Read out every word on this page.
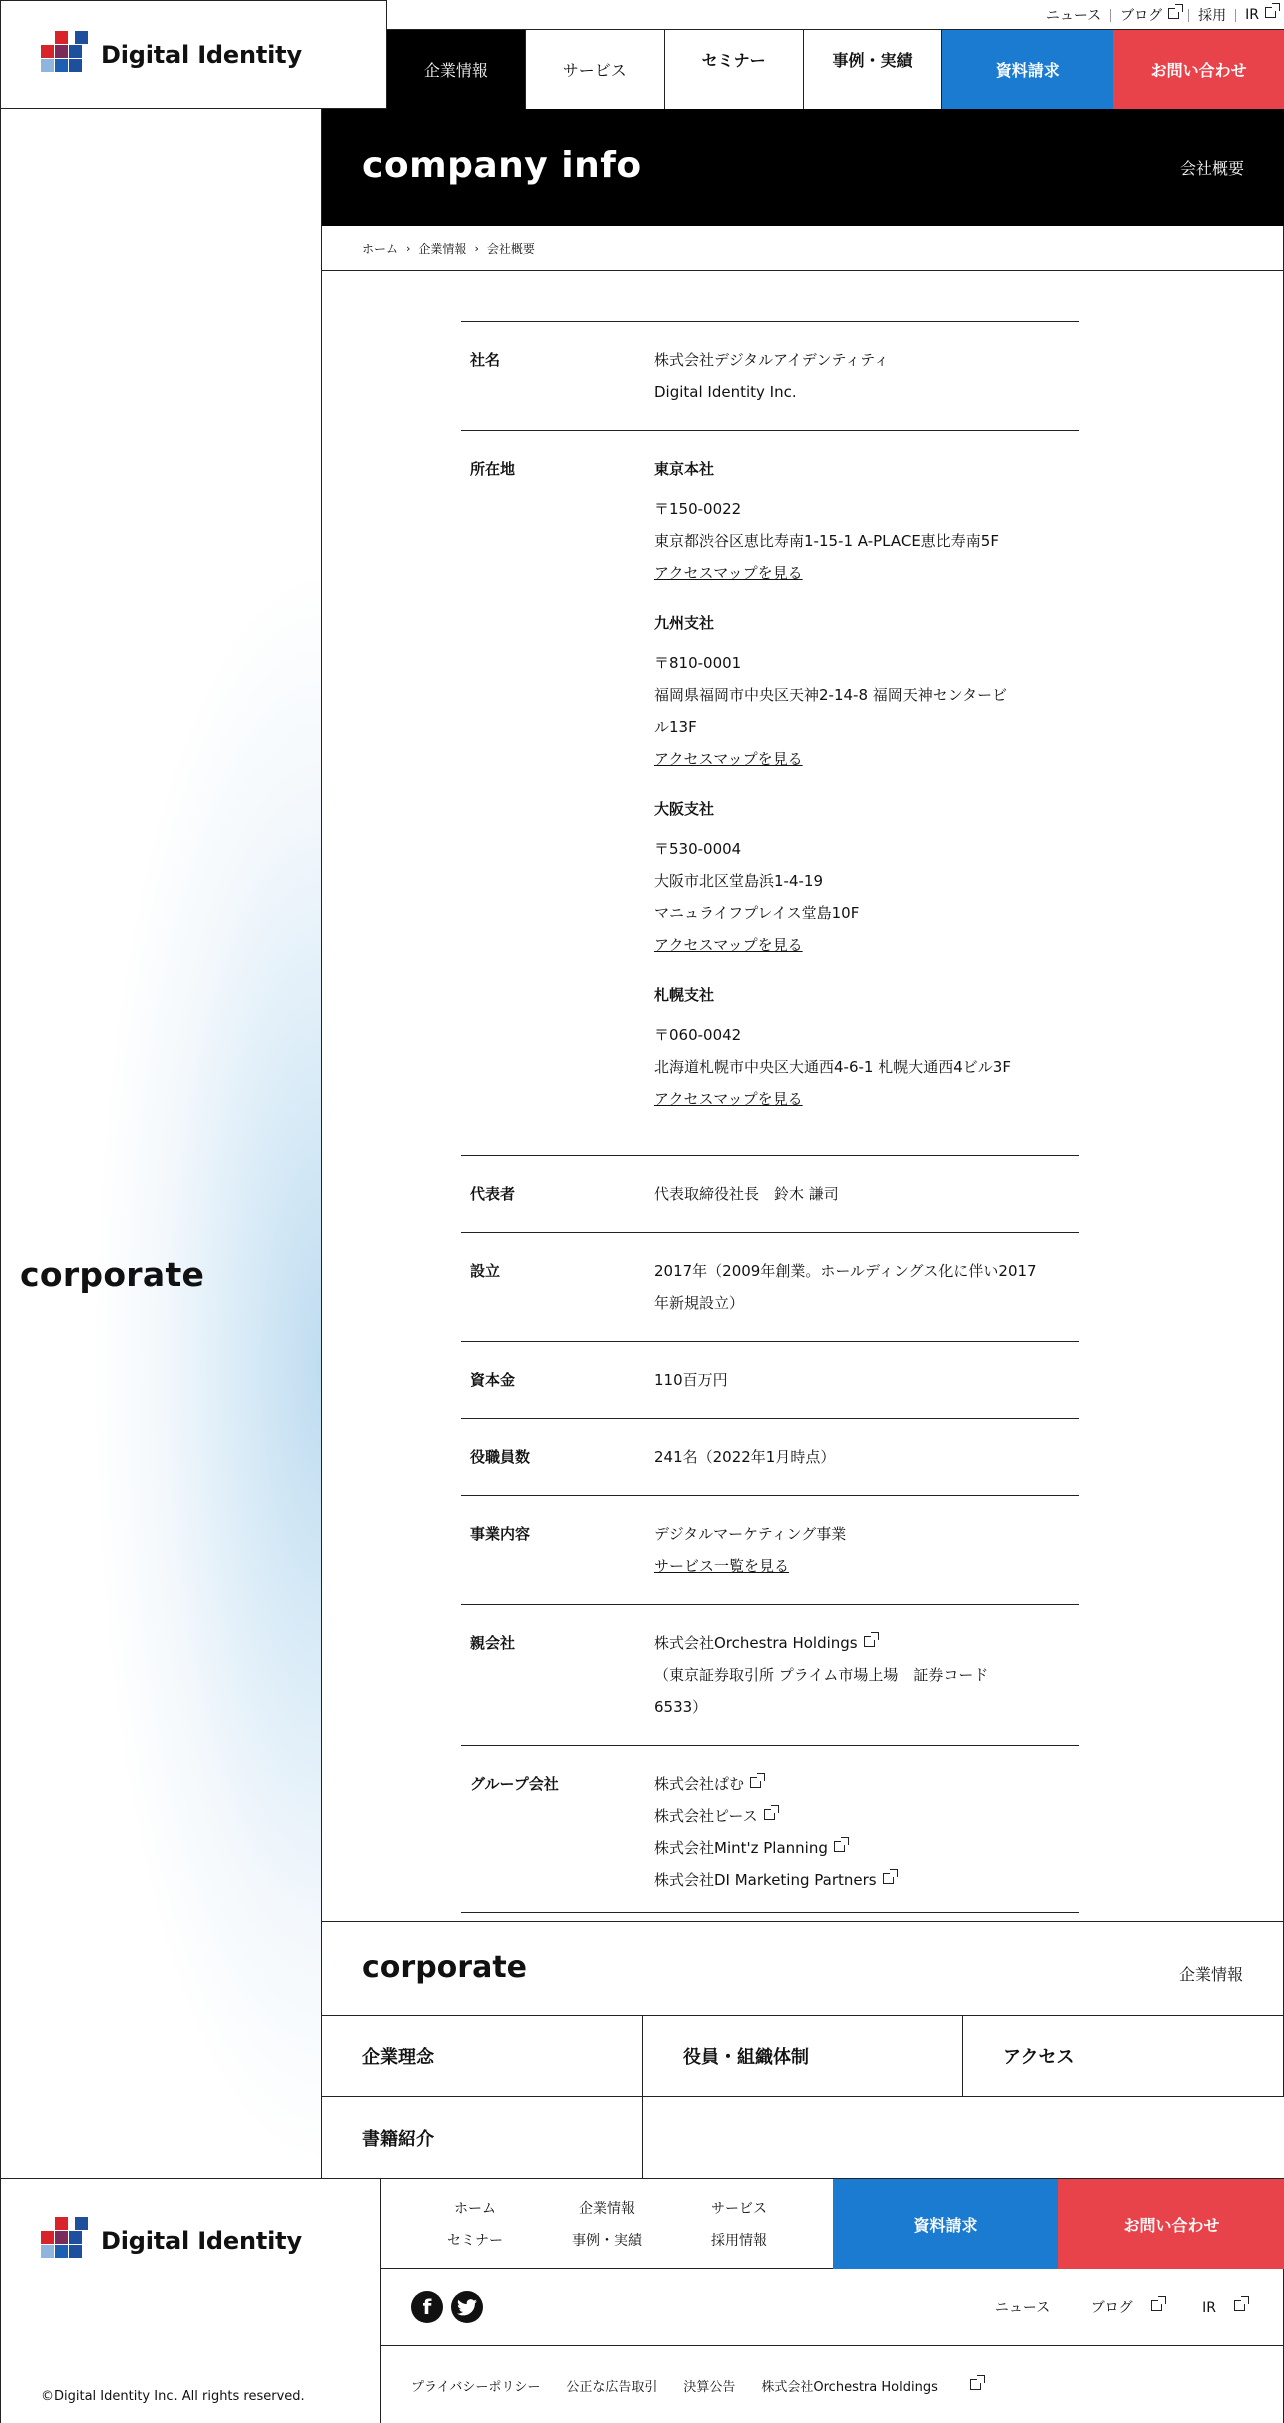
Digital Identity
ニュース ブログ	採用 IR
企業情報	サービス
セミナー	事例・実績
資料請求	お問い合わせ
corporate
company info	会社概要
ホーム › 企業情報 › 会社概要
社名	株式会社デジタルアイデンティティ
Digital Identity Inc.
所在地	東京本社
〒150-0022
東京都渋谷区恵比寿南1-15-1 A-PLACE恵比寿南5F
アクセスマップを見る
九州支社
〒810-0001
福岡県福岡市中央区天神2-14-8 福岡天神センタービ
ル13F
アクセスマップを見る
大阪支社
〒530-0004
大阪市北区堂島浜1-4-19
マニュライフプレイス堂島10F
アクセスマップを見る
札幌支社
〒060-0042
北海道札幌市中央区大通西4-6-1 札幌大通西4ビル3F
アクセスマップを見る
代表者	代表取締役社長　鈴木 謙司
設立	2017年（2009年創業。ホールディングス化に伴い2017
年新規設立）
資本金	110百万円
役職員数	241名（2022年1月時点）
事業内容	デジタルマーケティング事業
サービス一覧を見る
親会社	株式会社Orchestra Holdings
（東京証券取引所 プライム市場上場　証券コード
6533）
グループ会社	株式会社ぱむ
株式会社ピース
株式会社Mint'z Planning
株式会社DI Marketing Partners
corporate	企業情報
企業理念	役員・組織体制	アクセス
書籍紹介
Digital Identity
©Digital Identity Inc. All rights reserved.
ホーム	企業情報	サービス
セミナー	事例・実績	採用情報
資料請求	お問い合わせ
f	ニュース	ブログ	IR
プライバシーポリシー 公正な広告取引 決算公告 株式会社Orchestra Holdings
